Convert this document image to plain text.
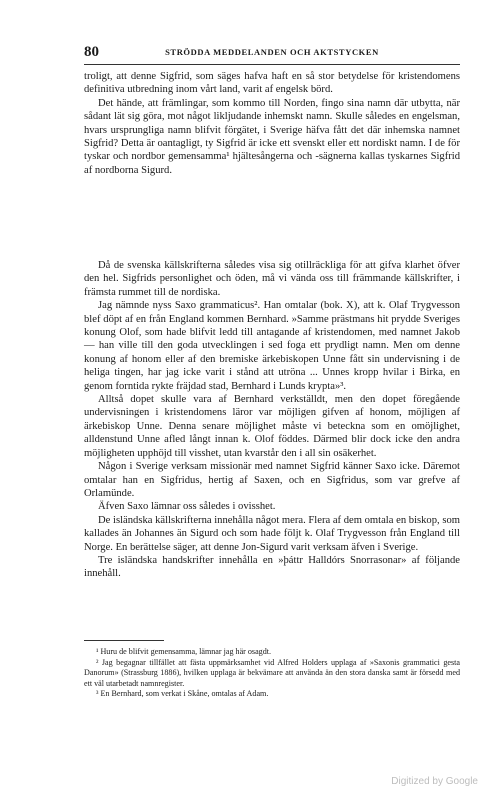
80	STRÖDDA MEDDELANDEN OCH AKTSTYCKEN

troligt, att denne Sigfrid, som säges hafva haft en så stor betydelse för kristendomens definitiva utbredning inom vårt land, varit af engelsk börd.

Det hände, att främlingar, som kommo till Norden, fingo sina namn där utbytta, när sådant lät sig göra, mot något likljudande inhemskt namn. Skulle således en engelsman, hvars ursprungliga namn blifvit förgätet, i Sverige häfva fått det där inhemska namnet Sigfrid? Detta är oantagligt, ty Sigfrid är icke ett svenskt eller ett nordiskt namn. I de för tyskar och nordbor gemensamma¹ hjältesångerna och -sägnerna kallas tyskarnes Sigfrid af nordborna Sigurd.

Då de svenska källskrifterna således visa sig otillräckliga för att gifva klarhet öfver den hel. Sigfrids personlighet och öden, må vi vända oss till främmande källskrifter, i främsta rummet till de nordiska.

Jag nämnde nyss Saxo grammaticus². Han omtalar (bok. X), att k. Olaf Trygvesson blef döpt af en från England kommen Bernhard. »Samme prästmans hit prydde Sveriges konung Olof, som hade blifvit ledd till antagande af kristendomen, med namnet Jakob — han ville till den goda utvecklingen i sed foga ett prydligt namn. Men om denne konung af honom eller af den bremiske ärkebiskopen Unne fått sin undervisning i de heliga tingen, har jag icke varit i stånd att utröna ... Unnes kropp hvilar i Birka, en genom forntida rykte fräjdad stad, Bernhard i Lunds krypta»³.

Alltså dopet skulle vara af Bernhard verkställdt, men den dopet föregående undervisningen i kristendomens läror var möjligen gifven af honom, möjligen af ärkebiskop Unne. Denna senare möjlighet måste vi beteckna som en omöjlighet, alldenstund Unne afled långt innan k. Olof föddes. Därmed blir dock icke den andra möjligheten upphöjd till visshet, utan kvarstår den i all sin osäkerhet.

Någon i Sverige verksam missionär med namnet Sigfrid känner Saxo icke. Däremot omtalar han en Sigfridus, hertig af Saxen, och en Sigfridus, som var grefve af Orlamünde.

Äfven Saxo lämnar oss således i ovisshet.

De isländska källskrifterna innehålla något mera. Flera af dem omtala en biskop, som kallades än Johannes än Sigurd och som hade följt k. Olaf Trygvesson från England till Norge. En berättelse säger, att denne Jon-Sigurd varit verksam äfven i Sverige.

Tre isländska handskrifter innehålla en »þáttr Halldórs Snorrasonar» af följande innehåll.

¹ Huru de blifvit gemensamma, lämnar jag här osagdt.

² Jag begagnar tillfället att fästa uppmärksamhet vid Alfred Holders upplaga af »Saxonis grammatici gesta Danorum» (Strassburg 1886), hvilken upplaga är bekvämare att använda än den stora danska samt är försedd med ett väl utarbetadt namnregister.

³ En Bernhard, som verkat i Skåne, omtalas af Adam.

Digitized by Google
